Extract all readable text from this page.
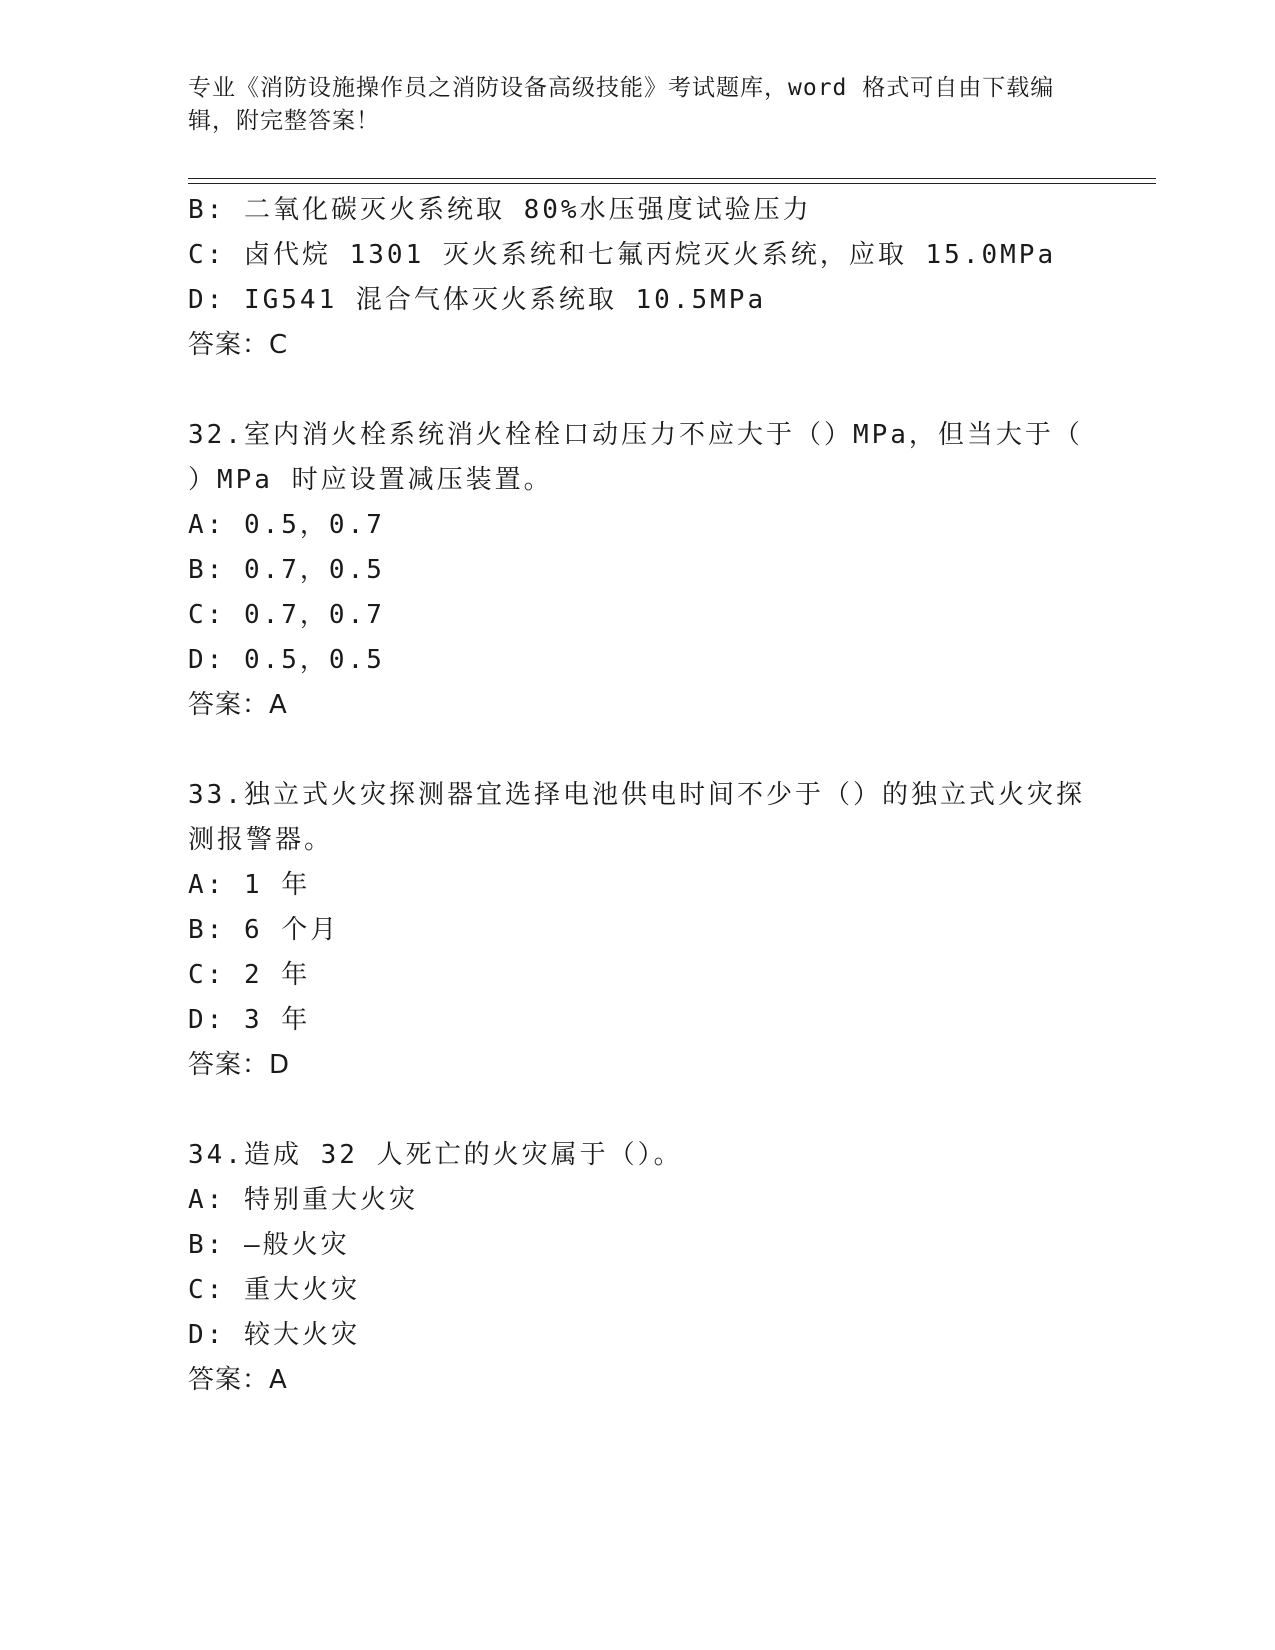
专业《消防设施操作员之消防设备高级技能》考试题库，word 格式可自由下载编
辑，附完整答案！
B: 二氧化碳灭火系统取 80%水压强度试验压力
C: 卤代烷 1301 灭火系统和七氟丙烷灭火系统，应取 15.0MPa
D: IG541 混合气体灭火系统取 10.5MPa
答案：C
32.室内消火栓系统消火栓栓口动压力不应大于（）MPa，但当大于（
）MPa 时应设置减压装置。
A: 0.5，0.7
B: 0.7，0.5
C: 0.7，0.7
D: 0.5，0.5
答案：A
33.独立式火灾探测器宜选择电池供电时间不少于（）的独立式火灾探
测报警器。
A: 1 年
B: 6 个月
C: 2 年
D: 3 年
答案：D
34.造成 32 人死亡的火灾属于（）。
A: 特别重大火灾
B: —般火灾
C: 重大火灾
D: 较大火灾
答案：A
